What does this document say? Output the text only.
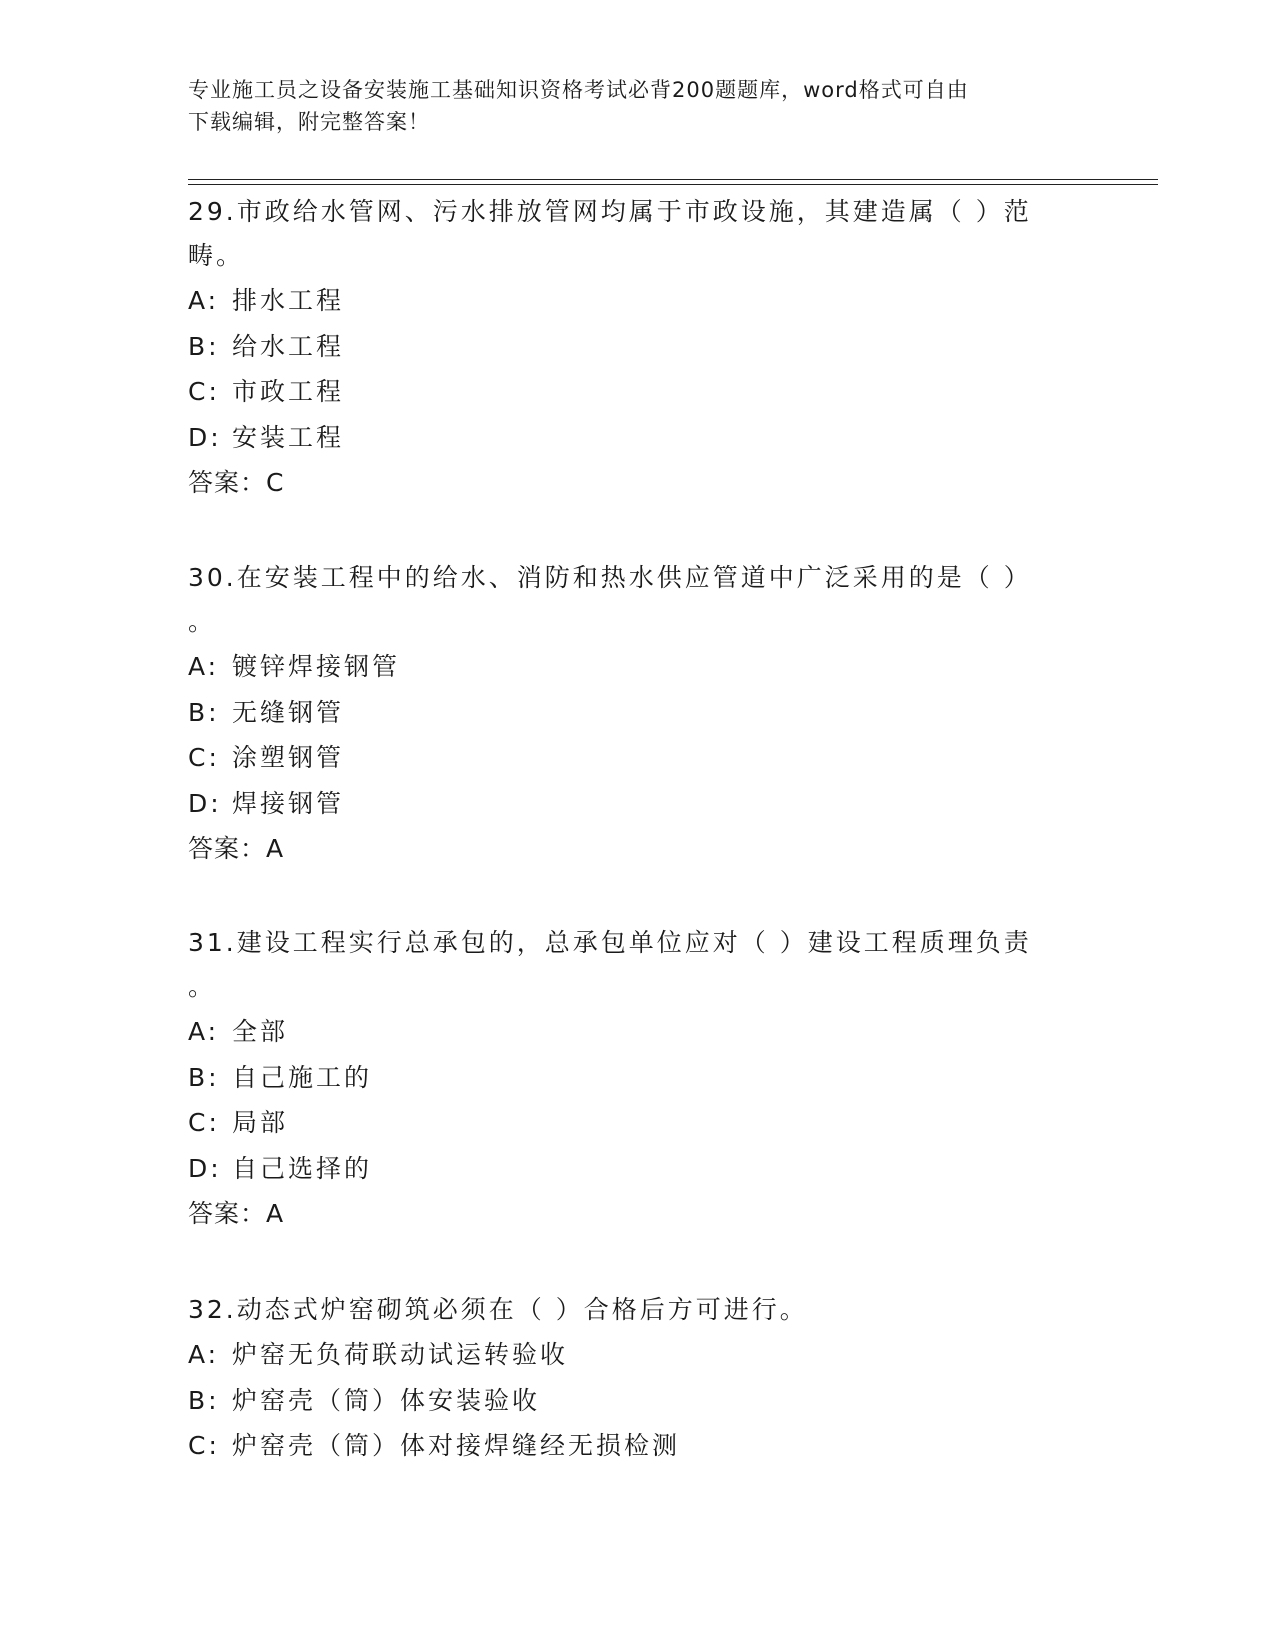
专业施工员之设备安装施工基础知识资格考试必背200题题库，word格式可自由
下载编辑，附完整答案！

29.市政给水管网、污水排放管网均属于市政设施，其建造属（ ）范

畴。

A: 排水工程

B: 给水工程

C: 市政工程

D: 安装工程

答案：C

30.在安装工程中的给水、消防和热水供应管道中广泛采用的是（ ）

。

A: 镀锌焊接钢管

B: 无缝钢管

C: 涂塑钢管

D: 焊接钢管

答案：A

31.建设工程实行总承包的，总承包单位应对（ ）建设工程质理负责

。

A: 全部

B: 自己施工的

C: 局部

D: 自己选择的

答案：A

32.动态式炉窑砌筑必须在（ ）合格后方可进行。

A: 炉窑无负荷联动试运转验收

B: 炉窑壳（筒）体安装验收

C: 炉窑壳（筒）体对接焊缝经无损检测
